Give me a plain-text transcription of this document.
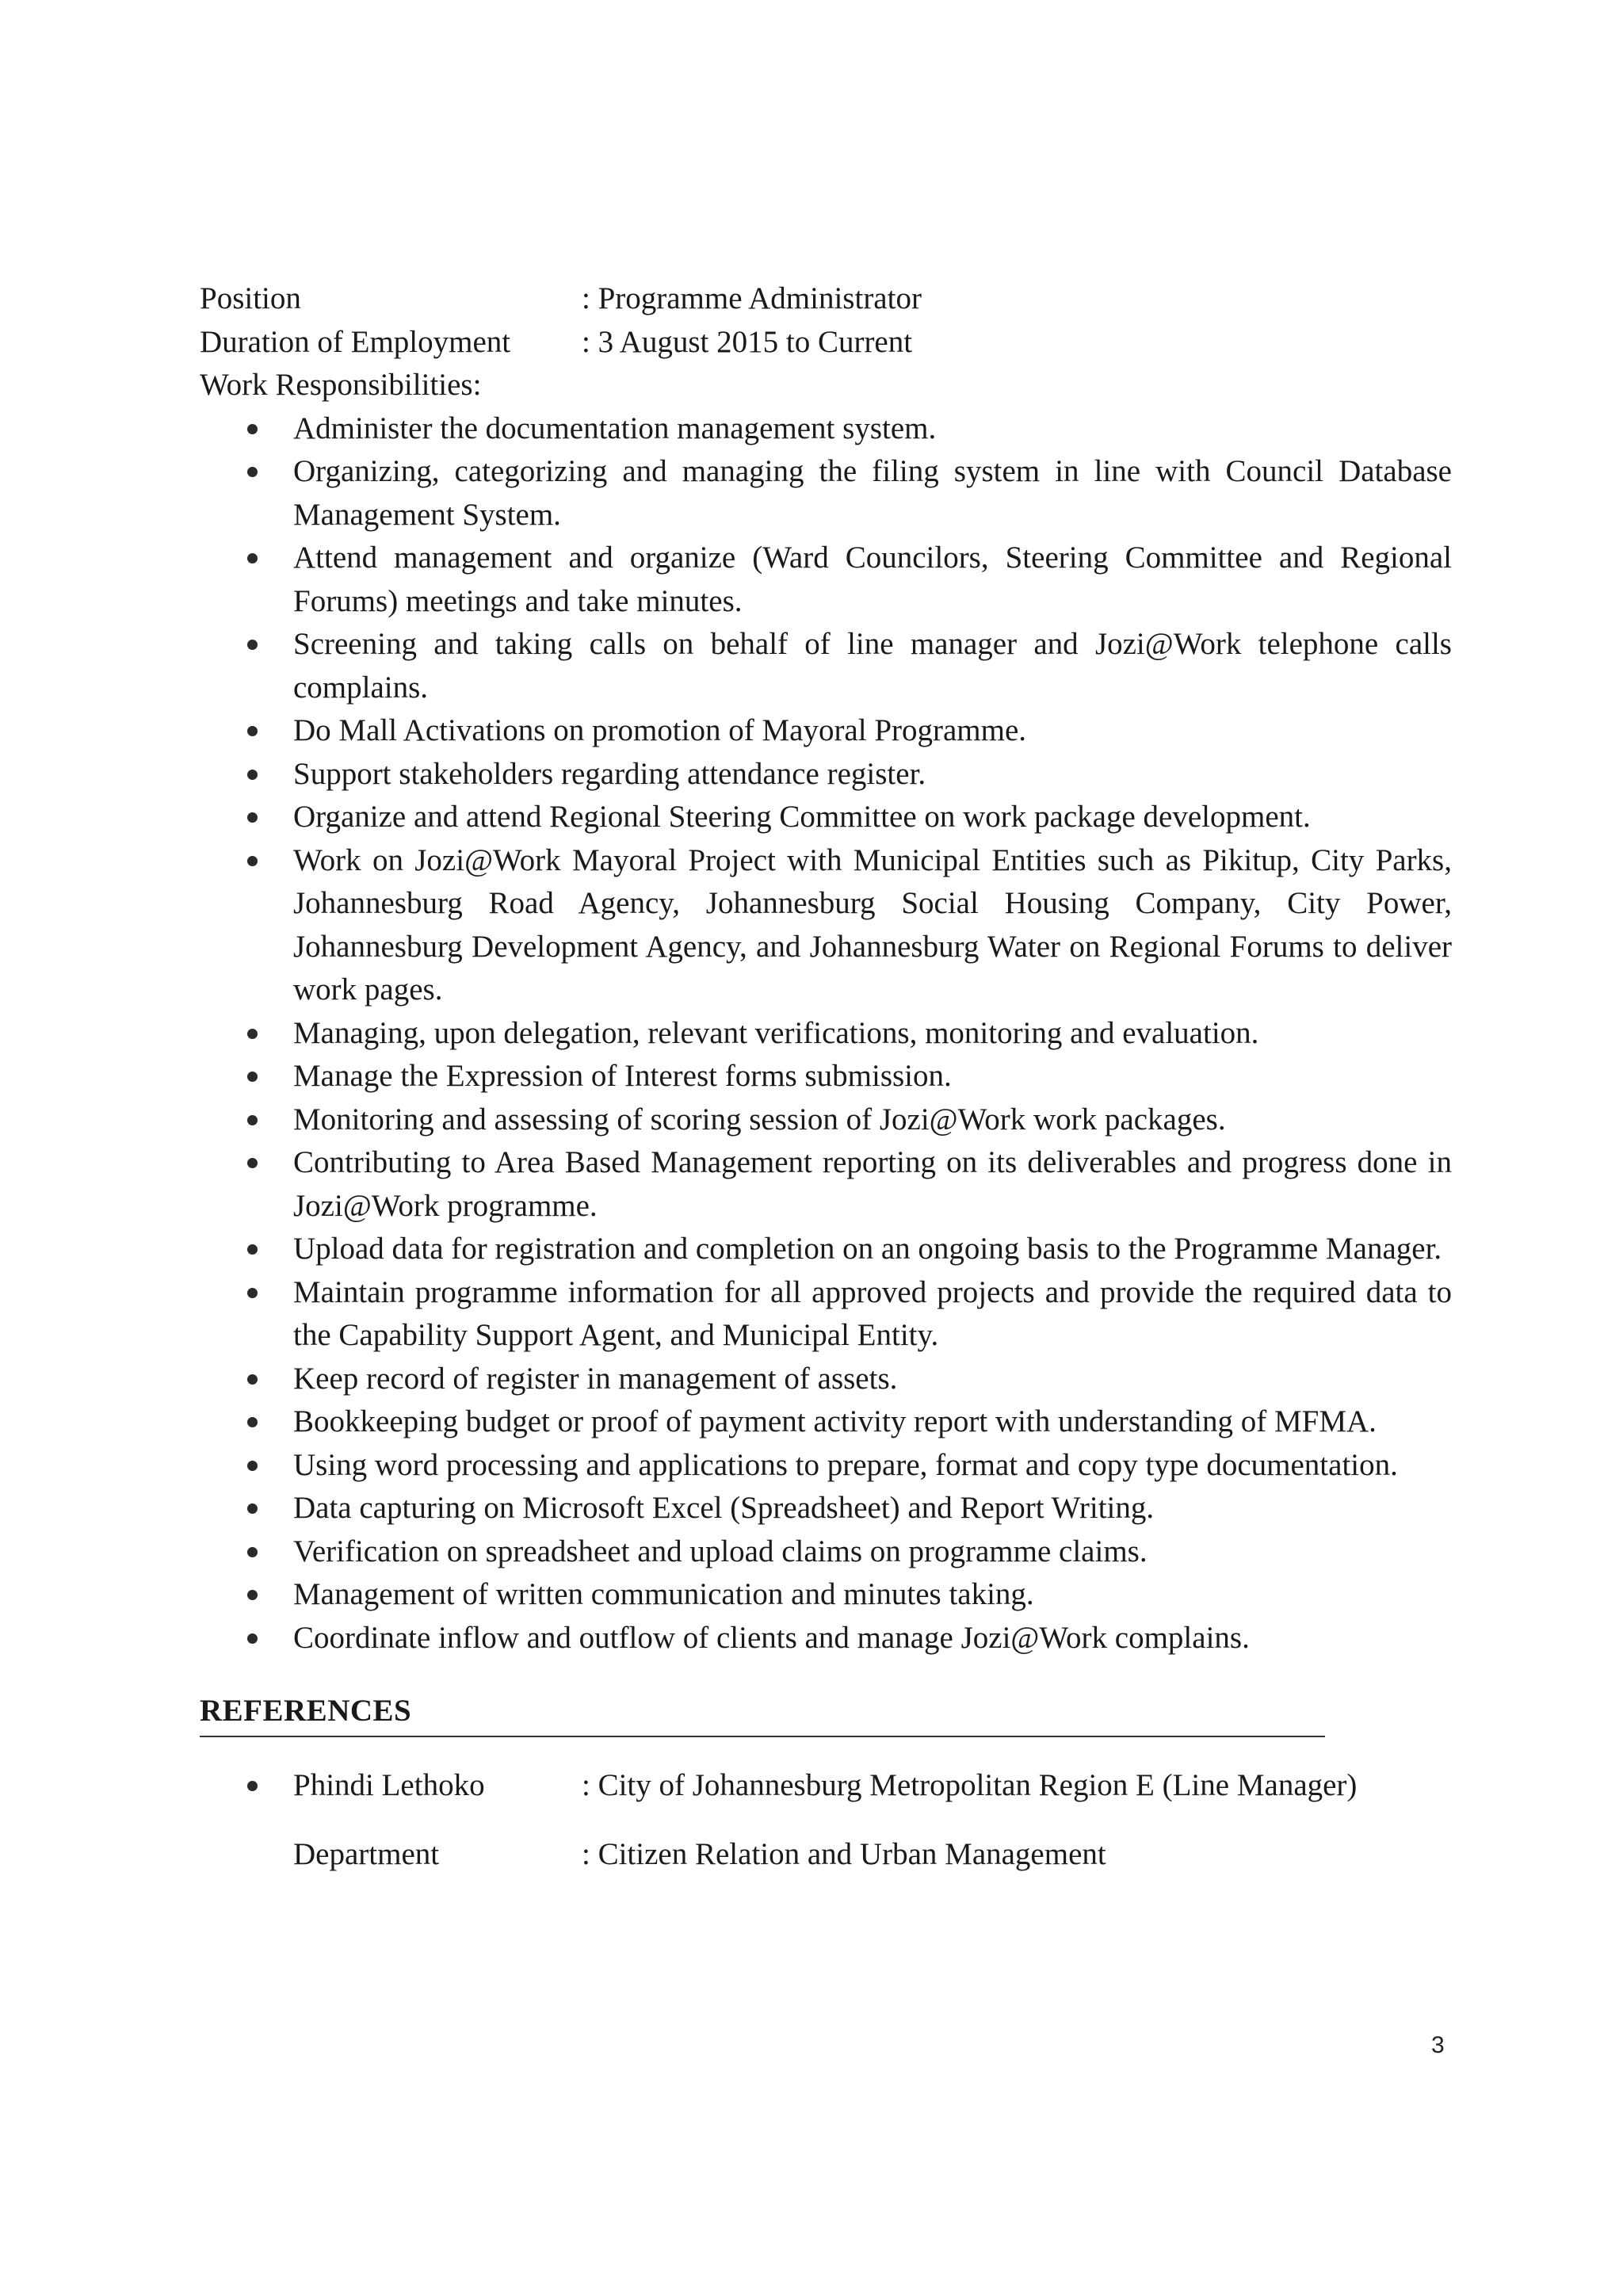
Position	: Programme Administrator
Duration of Employment	: 3 August 2015 to Current
Work Responsibilities:
Administer the documentation management system.
Organizing, categorizing and managing the filing system in line with Council Database Management System.
Attend management and organize (Ward Councilors, Steering Committee and Regional Forums) meetings and take minutes.
Screening and taking calls on behalf of line manager and Jozi@Work telephone calls complains.
Do Mall Activations on promotion of Mayoral Programme.
Support stakeholders regarding attendance register.
Organize and attend Regional Steering Committee on work package development.
Work on Jozi@Work Mayoral Project with Municipal Entities such as Pikitup, City Parks, Johannesburg Road Agency, Johannesburg Social Housing Company, City Power, Johannesburg Development Agency, and Johannesburg Water on Regional Forums to deliver work pages.
Managing, upon delegation, relevant verifications, monitoring and evaluation.
Manage the Expression of Interest forms submission.
Monitoring and assessing of scoring session of Jozi@Work work packages.
Contributing to Area Based Management reporting on its deliverables and progress done in Jozi@Work programme.
Upload data for registration and completion on an ongoing basis to the Programme Manager.
Maintain programme information for all approved projects and provide the required data to the Capability Support Agent, and Municipal Entity.
Keep record of register in management of assets.
Bookkeeping budget or proof of payment activity report with understanding of MFMA.
Using word processing and applications to prepare, format and copy type documentation.
Data capturing on Microsoft Excel (Spreadsheet) and Report Writing.
Verification on spreadsheet and upload claims on programme claims.
Management of written communication and minutes taking.
Coordinate inflow and outflow of clients and manage Jozi@Work complains.
REFERENCES
Phindi Lethoko	: City of Johannesburg Metropolitan Region E (Line Manager)
Department	: Citizen Relation and Urban Management
3
